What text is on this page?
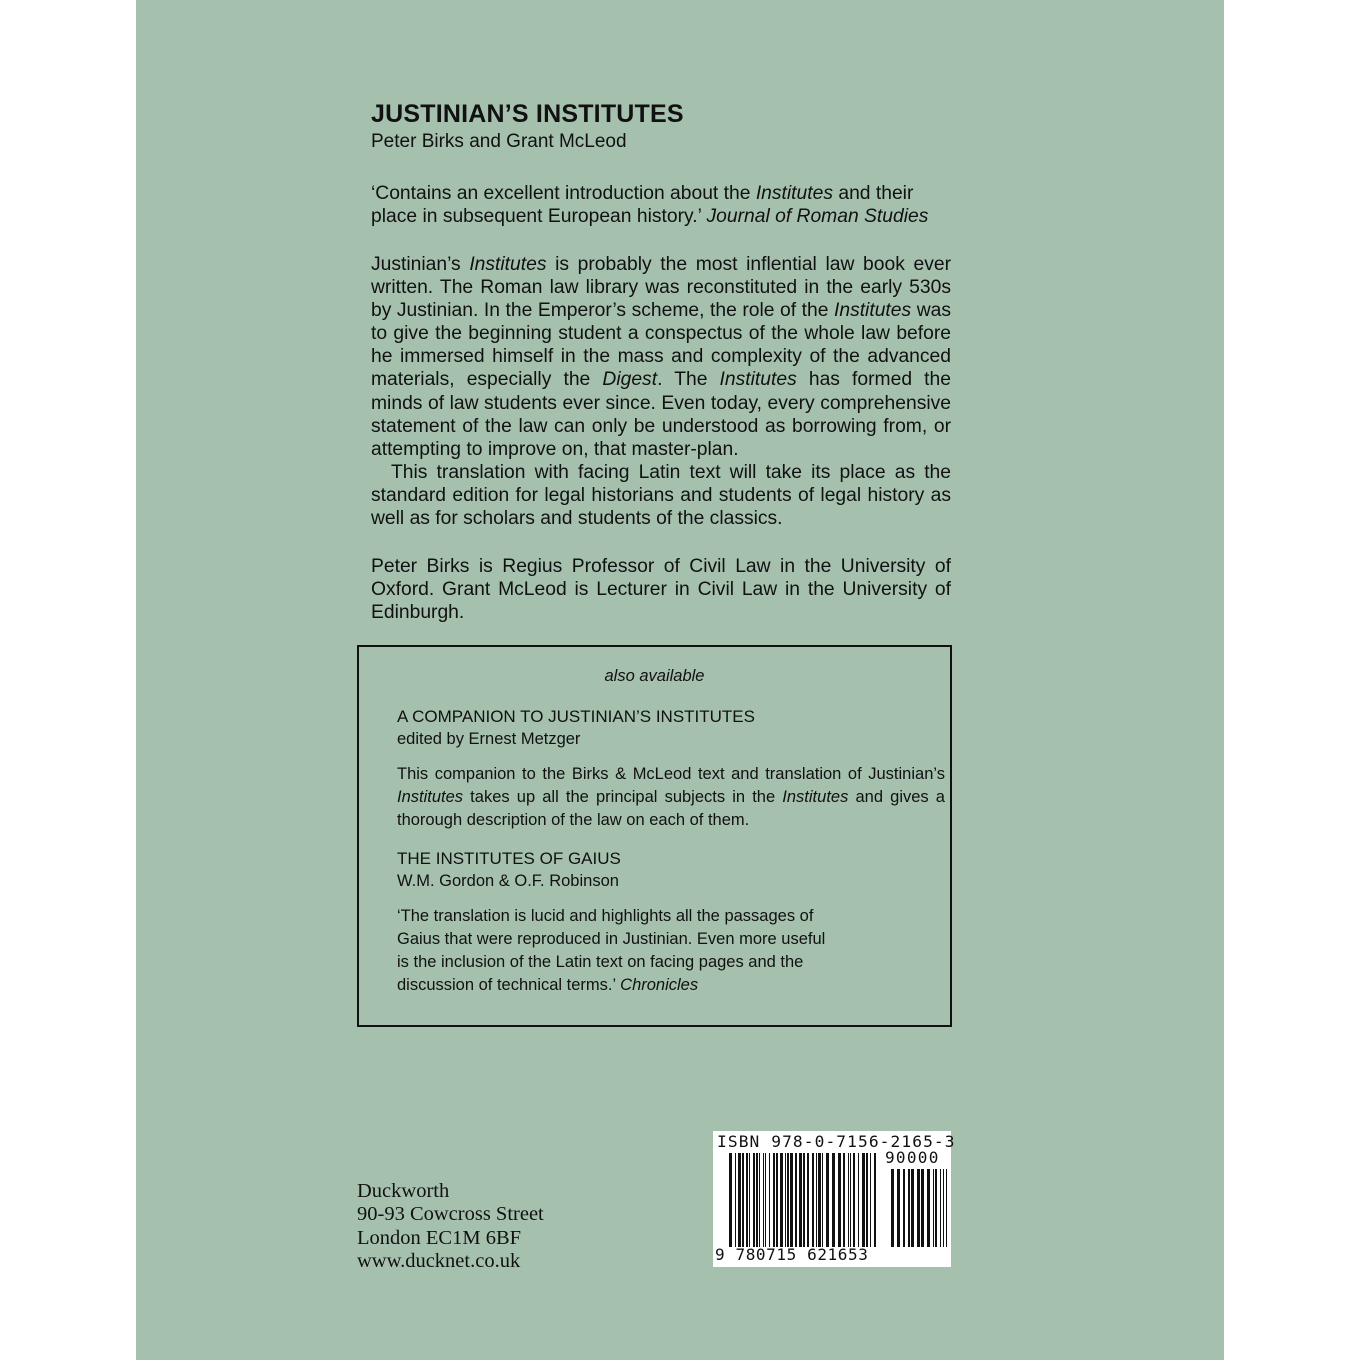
JUSTINIAN’S INSTITUTES
Peter Birks and Grant McLeod

‘Contains an excellent introduction about the Institutes and their place in subsequent European history.’ Journal of Roman Studies

Justinian’s Institutes is probably the most inflential law book ever written. The Roman law library was reconstituted in the early 530s by Justinian. In the Emperor’s scheme, the role of the Institutes was to give the beginning student a conspectus of the whole law before he immersed himself in the mass and complexity of the advanced materials, especially the Digest. The Institutes has formed the minds of law students ever since. Even today, every comprehensive statement of the law can only be understood as borrowing from, or attempting to improve on, that master-plan.

This translation with facing Latin text will take its place as the standard edition for legal historians and students of legal history as well as for scholars and students of the classics.

Peter Birks is Regius Professor of Civil Law in the University of Oxford. Grant McLeod is Lecturer in Civil Law in the University of Edinburgh.

also available
A COMPANION TO JUSTINIAN’S INSTITUTES
edited by Ernest Metzger
This companion to the Birks & McLeod text and translation of Justinian’s Institutes takes up all the principal subjects in the Institutes and gives a thorough description of the law on each of them.
THE INSTITUTES OF GAIUS
W.M. Gordon & O.F. Robinson
‘The translation is lucid and highlights all the passages of
Gaius that were reproduced in Justinian. Even more useful
is the inclusion of the Latin text on facing pages and the
discussion of technical terms.’ Chronicles
Duckworth
90-93 Cowcross Street
London EC1M 6BF
www.ducknet.co.uk
ISBN 978-0-7156-2165-3
90000
9 780715 621653
